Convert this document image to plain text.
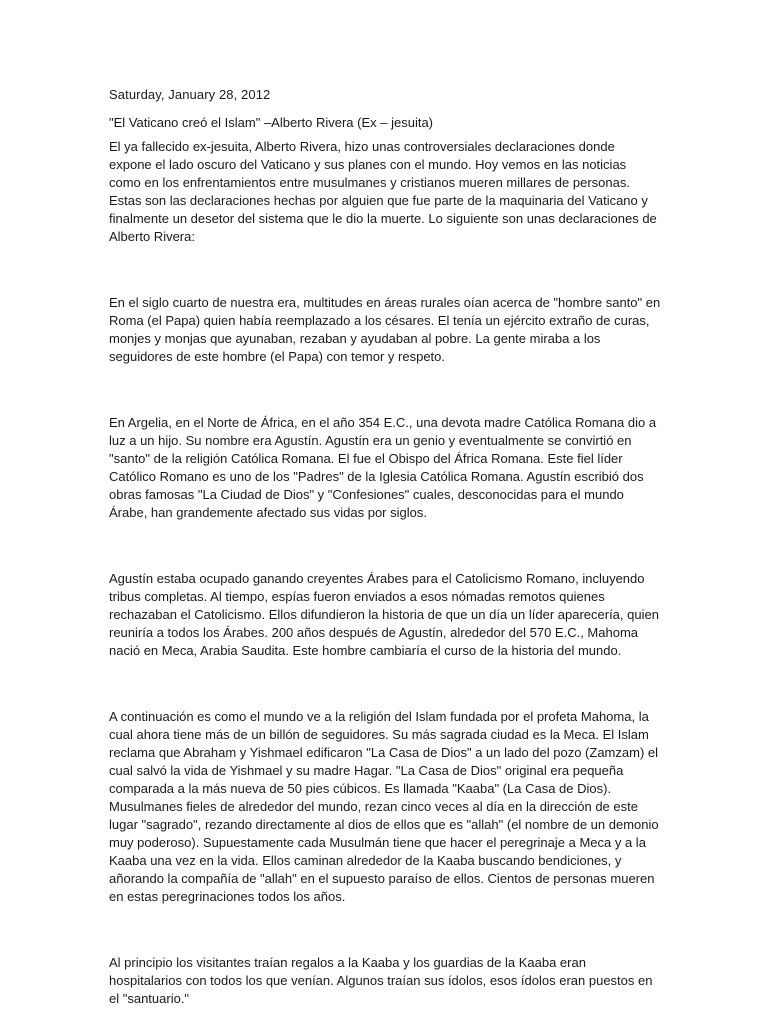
Saturday, January 28, 2012

"El Vaticano creó el Islam" –Alberto Rivera (Ex – jesuita)

El ya fallecido ex-jesuita, Alberto Rivera, hizo unas controversiales declaraciones donde expone el lado oscuro del Vaticano y sus planes con el mundo. Hoy vemos en las noticias como en los enfrentamientos entre musulmanes y cristianos mueren millares de personas. Estas son las declaraciones hechas por alguien que fue parte de la maquinaria del Vaticano y finalmente un desetor del sistema que le dio la muerte. Lo siguiente son unas declaraciones de Alberto Rivera:

En el siglo cuarto de nuestra era, multitudes en áreas rurales oían acerca de "hombre santo" en Roma (el Papa) quien había reemplazado a los césares. El tenía un ejército extraño de curas, monjes y monjas que ayunaban, rezaban y ayudaban al pobre. La gente miraba a los seguidores de este hombre (el Papa) con temor y respeto.

En Argelia, en el Norte de África, en el año 354 E.C., una devota madre Católica Romana dio a luz a un hijo. Su nombre era Agustín. Agustín era un genio y eventualmente se convirtió en "santo" de la religión Católica Romana. El fue el Obispo del África Romana. Este fiel líder Católico Romano es uno de los "Padres" de la Iglesia Católica Romana. Agustín escribió dos obras famosas "La Ciudad de Dios" y "Confesiones" cuales, desconocidas para el mundo Árabe, han grandemente afectado sus vidas por siglos.

Agustín estaba ocupado ganando creyentes Árabes para el Catolicismo Romano, incluyendo tribus completas. Al tiempo, espías fueron enviados a esos nómadas remotos quienes rechazaban el Catolicismo. Ellos difundieron la historia de que un día un líder aparecería, quien reuniría a todos los Árabes. 200 años después de Agustín, alrededor del 570 E.C., Mahoma nació en Meca, Arabia Saudita. Este hombre cambiaría el curso de la historia del mundo.

A continuación es como el mundo ve a la religión del Islam fundada por el profeta Mahoma, la cual ahora tiene más de un billón de seguidores. Su más sagrada ciudad es la Meca. El Islam reclama que Abraham y Yishmael edificaron "La Casa de Dios" a un lado del pozo (Zamzam) el cual salvó la vida de Yishmael y su madre Hagar. "La Casa de Dios" original era pequeña comparada a la más nueva de 50 pies cúbicos. Es llamada "Kaaba" (La Casa de Dios). Musulmanes fieles de alrededor del mundo, rezan cinco veces al día en la dirección de este lugar "sagrado", rezando directamente al dios de ellos que es "allah" (el nombre de un demonio muy poderoso). Supuestamente cada Musulmán tiene que hacer el peregrinaje a Meca y a la Kaaba una vez en la vida. Ellos caminan alrededor de la Kaaba buscando bendiciones, y añorando la compañía de "allah" en el supuesto paraíso de ellos. Cientos de personas mueren en estas peregrinaciones todos los años.

Al principio los visitantes traían regalos a la Kaaba y los guardias de la Kaaba eran hospitalarios con todos los que venían. Algunos traían sus ídolos, esos ídolos eran puestos en el "santuario."
